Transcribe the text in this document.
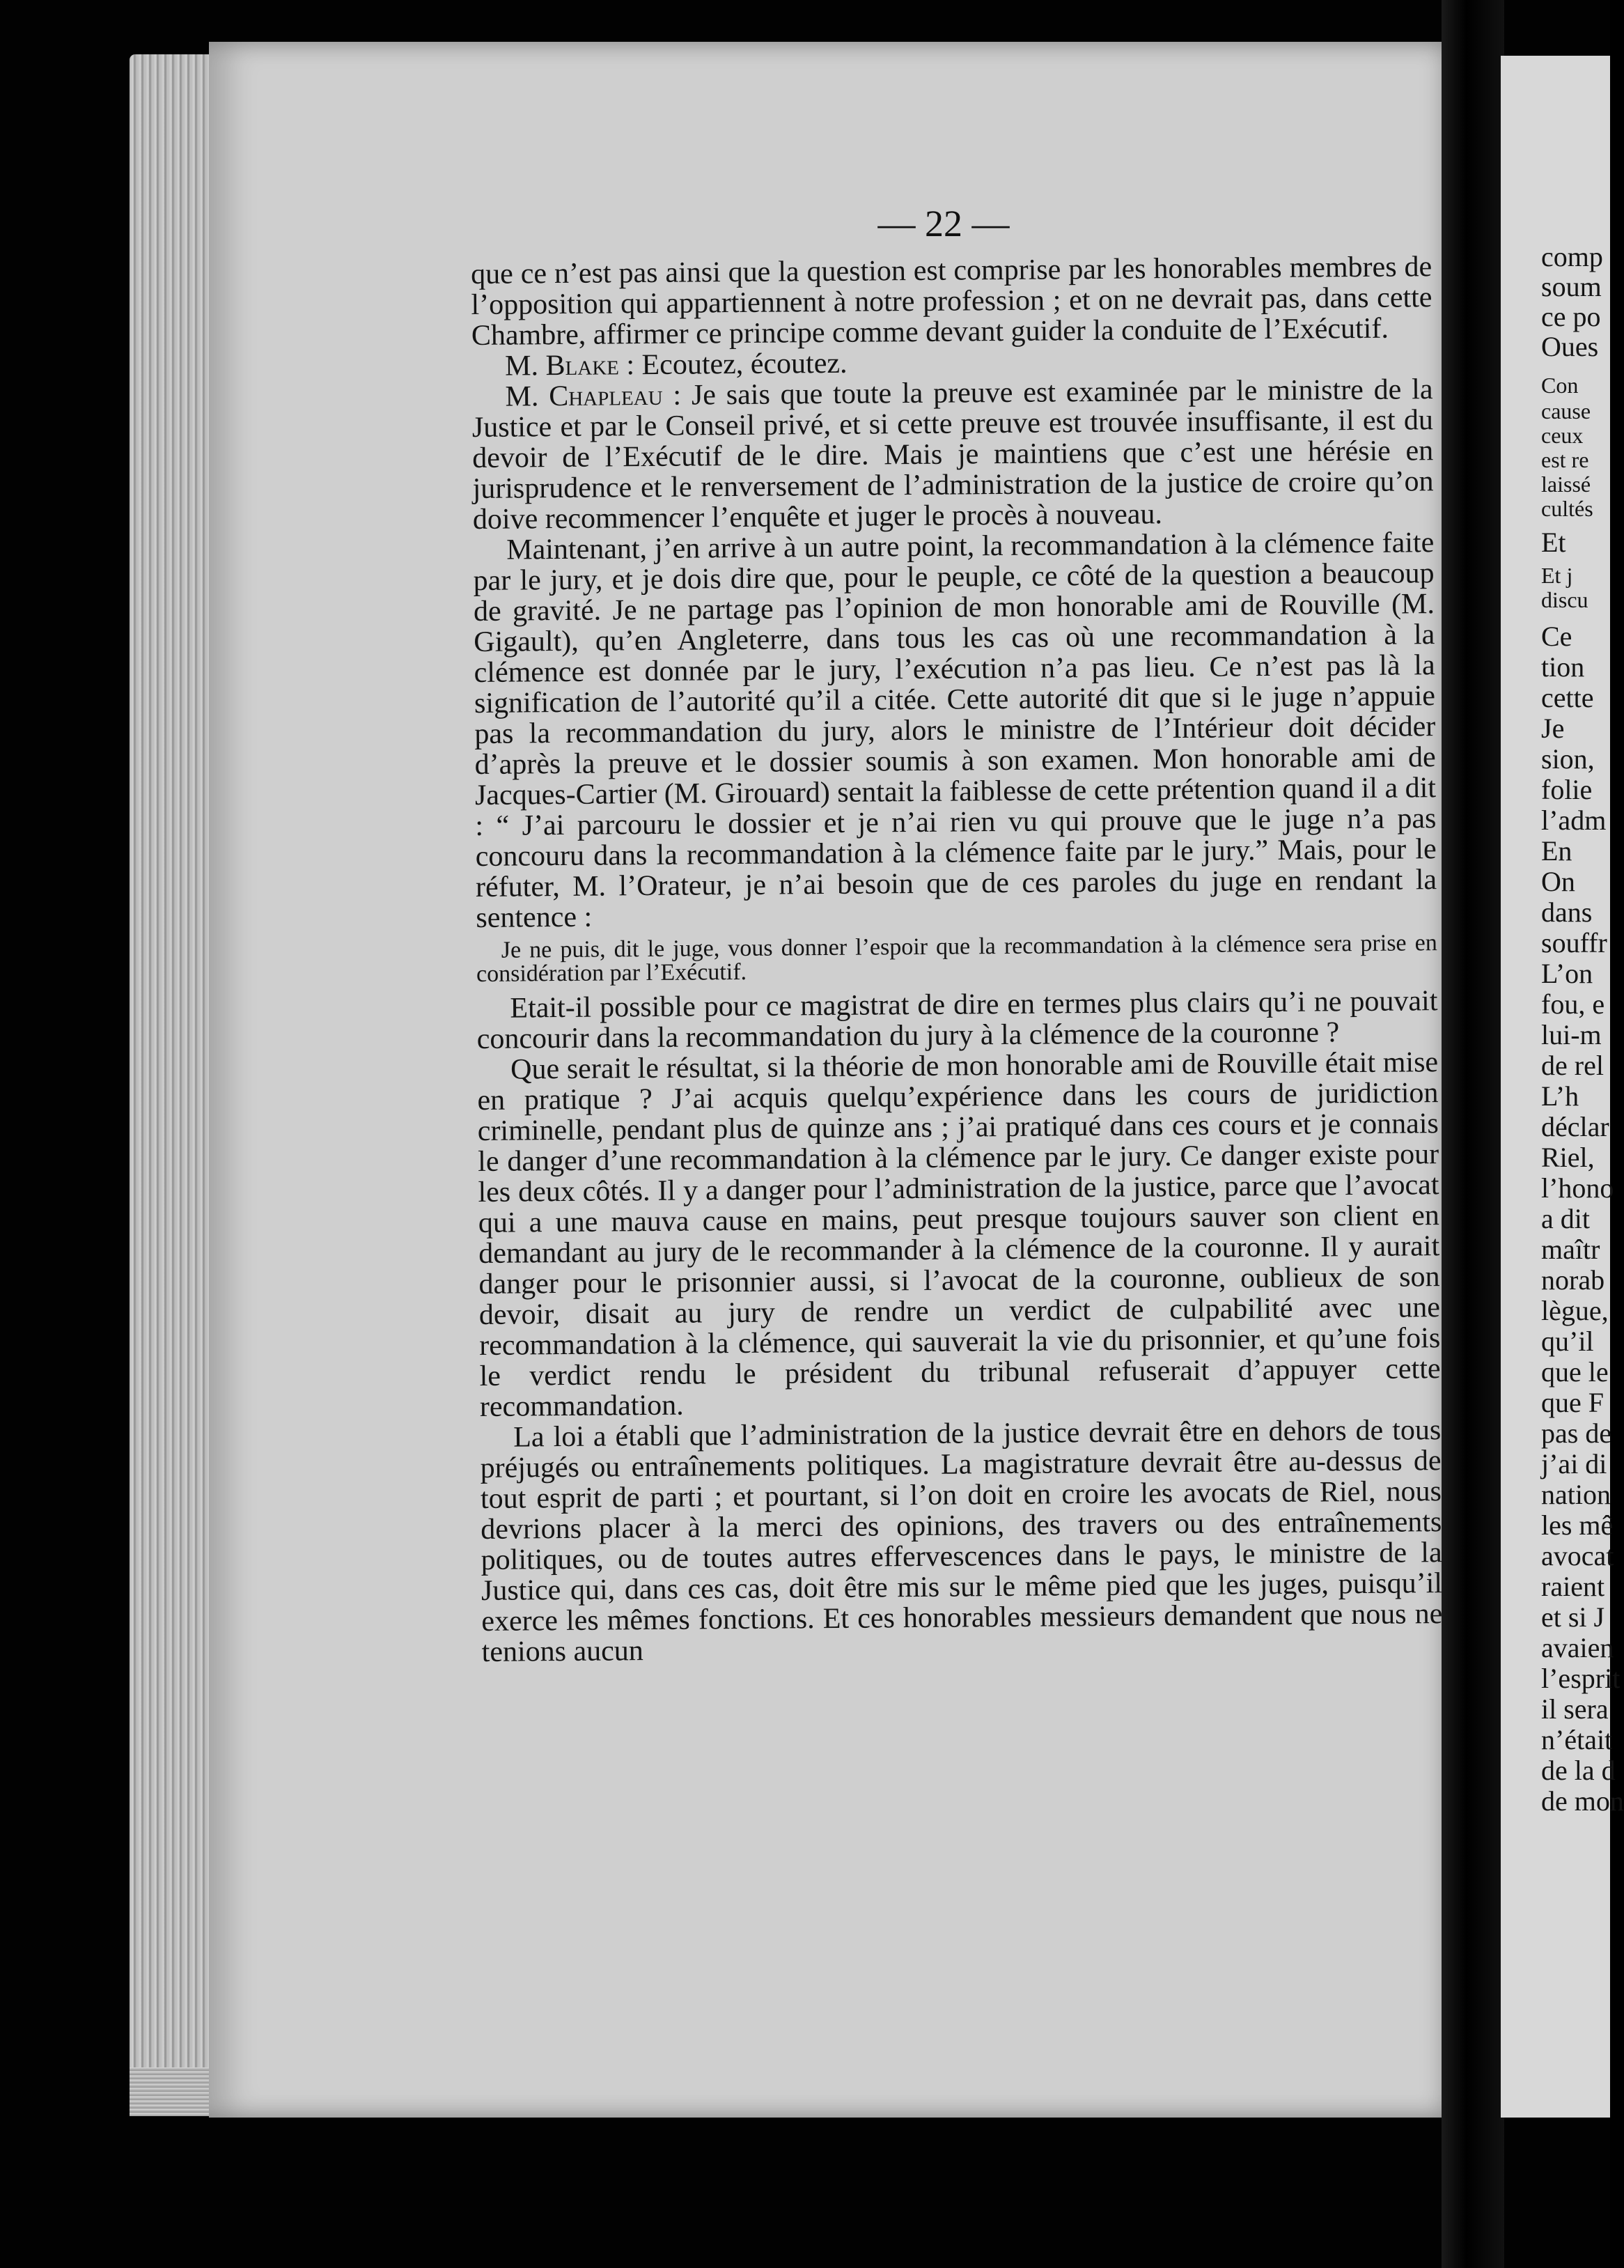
comp
soum
ce po
Oues
Con
cause
ceux
est re
laissé
cultés
Et
Et j
discu
Ce
tion
cette
Je
sion,
folie
l’adm
En
On
dans
souffr
L’on
fou, e
lui-m
de rel
L’h
déclar
Riel,
l’hono
a dit
maîtr
norab
lègue,
qu’il
que le
que F
pas de
j’ai di
nation
les mê
avocat
raient
et si J
avaien
l’esprit
il sera
n’était
de la d
de mon
— 22 —

que ce n’est pas ainsi que la question est comprise par les honorables membres de l’opposition qui appartiennent à notre profession ; et on ne devrait pas, dans cette Chambre, affirmer ce principe comme devant guider la conduite de l’Exécutif.

M. Blake : Ecoutez, écoutez.

M. Chapleau : Je sais que toute la preuve est examinée par le ministre de la Justice et par le Conseil privé, et si cette preuve est trouvée insuffisante, il est du devoir de l’Exécutif de le dire. Mais je maintiens que c’est une hérésie en jurisprudence et le renversement de l’administration de la justice de croire qu’on doive recommencer l’enquête et juger le procès à nouveau.

Maintenant, j’en arrive à un autre point, la recommandation à la clémence faite par le jury, et je dois dire que, pour le peuple, ce côté de la question a beaucoup de gravité. Je ne partage pas l’opinion de mon honorable ami de Rouville (M. Gigault), qu’en Angleterre, dans tous les cas où une recommandation à la clémence est donnée par le jury, l’exécution n’a pas lieu. Ce n’est pas là la signification de l’autorité qu’il a citée. Cette autorité dit que si le juge n’appuie pas la recommandation du jury, alors le ministre de l’Intérieur doit décider d’après la preuve et le dossier soumis à son examen. Mon honorable ami de Jacques-Cartier (M. Girouard) sentait la faiblesse de cette prétention quand il a dit : “ J’ai parcouru le dossier et je n’ai rien vu qui prouve que le juge n’a pas concouru dans la recommandation à la clémence faite par le jury.” Mais, pour le réfuter, M. l’Orateur, je n’ai besoin que de ces paroles du juge en rendant la sentence :

Je ne puis, dit le juge, vous donner l’espoir que la recommandation à la clémence sera prise en considération par l’Exécutif.

Etait-il possible pour ce magistrat de dire en termes plus clairs qu’i ne pouvait concourir dans la recommandation du jury à la clémence de la couronne ?

Que serait le résultat, si la théorie de mon honorable ami de Rouville était mise en pratique ? J’ai acquis quelqu’expérience dans les cours de juridiction criminelle, pendant plus de quinze ans ; j’ai pratiqué dans ces cours et je connais le danger d’une recommandation à la clémence par le jury. Ce danger existe pour les deux côtés. Il y a danger pour l’administration de la justice, parce que l’avocat qui a une mauva cause en mains, peut presque toujours sauver son client en demandant au jury de le recommander à la clémence de la couronne. Il y aurait danger pour le prisonnier aussi, si l’avocat de la couronne, oublieux de son devoir, disait au jury de rendre un verdict de culpabilité avec une recommandation à la clémence, qui sauverait la vie du prisonnier, et qu’une fois le verdict rendu le président du tribunal refuserait d’appuyer cette recommandation.

La loi a établi que l’administration de la justice devrait être en dehors de tous préjugés ou entraînements politiques. La magistrature devrait être au-dessus de tout esprit de parti ; et pourtant, si l’on doit en croire les avocats de Riel, nous devrions placer à la merci des opinions, des travers ou des entraînements politiques, ou de toutes autres effervescences dans le pays, le ministre de la Justice qui, dans ces cas, doit être mis sur le même pied que les juges, puisqu’il exerce les mêmes fonctions. Et ces honorables messieurs demandent que nous ne tenions aucun
